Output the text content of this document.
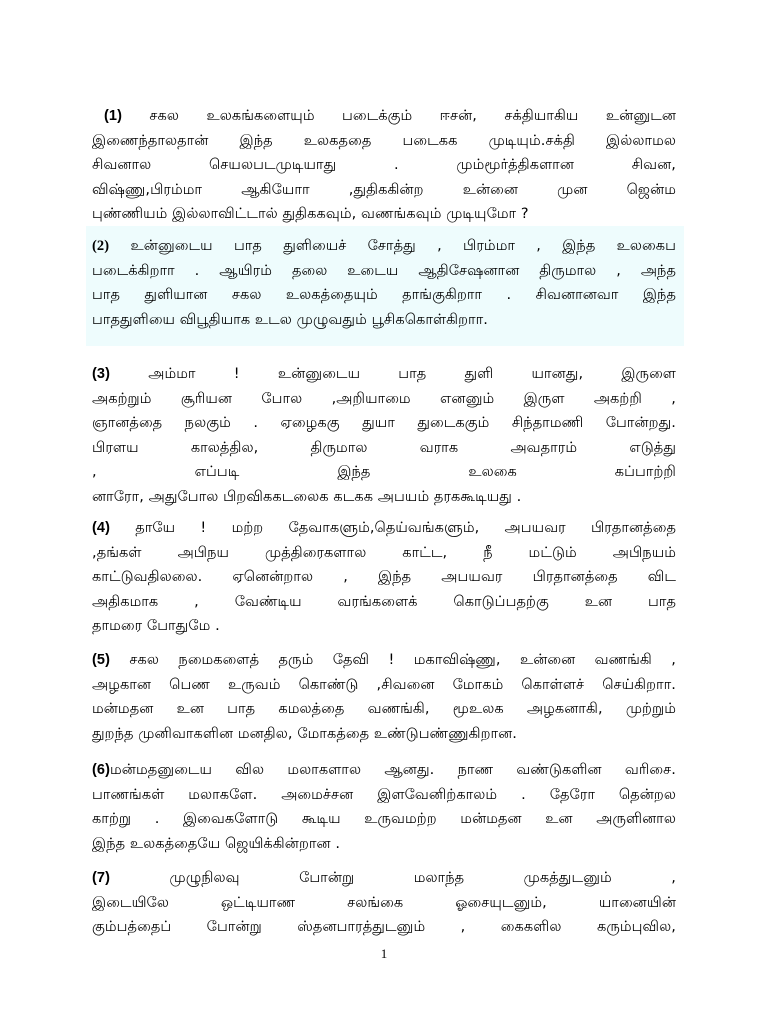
(1) சகல உலகங்களையும் படைக்கும் ஈசன், சக்தியாகிய உன்னுடன
இணைந்தாலதான் இந்த உலகததை படைகக முடியும்.சக்தி இல்லாமல
சிவனால செயலபடமுடியாது . மும்மூர்த்திகளான சிவன,
விஷ்ணு,பிரம்மா ஆகியோா ,துதிககின்ற உன்னை முன ஜென்ம
புண்ணியம் இல்லாவிட்டால் துதிககவும், வணங்கவும் முடியுமோ ?
(2) உன்னுடைய பாத துளியைச் சோத்து , பிரம்மா , இந்த உலகைப
படைக்கிறாா . ஆயிரம் தலை உடைய ஆதிசேஷனான திருமால , அந்த
பாத துளியான சகல உலகத்தையும் தாங்குகிறாா . சிவனானவா இந்த
பாததுளியை விபூதியாக உடல முழுவதும் பூசிககொள்கிறாா.
(3)	அம்மா ! உன்னுடைய பாத துளி யானது, இருளை
அகற்றும் சூரியன போல ,அறியாமை எனனும் இருள அகற்றி ,
ஞானத்தை நலகும் . ஏழைககு துயா துடைககும் சிந்தாமணி போன்றது.
பிரளய காலத்தில, திருமால வராக அவதாரம் எடுத்து
, எப்படி இந்த உலகை கப்பாற்றி
னாரோ, அதுபோல பிறவிககடலைக கடகக அபயம் தரககூடியது .
(4) தாயே ! மற்ற தேவாகளும்,தெய்வங்களும், அபயவர பிரதானத்தை
,தங்கள் அபிநய முத்திரைகளால காட்ட, நீ மட்டும் அபிநயம்
காட்டுவதிலலை. ஏனென்றால , இந்த அபயவர பிரதானத்தை விட
அதிகமாக , வேண்டிய வரங்களைக் கொடுப்பதற்கு உன பாத
தாமரை போதுமே .
(5) சகல நமைகளைத் தரும் தேவி ! மகாவிஷ்ணு, உன்னை வணங்கி ,
அழகான பெண உருவம் கொண்டு ,சிவனை மோகம் கொள்ளச் செய்கிறாா.
மன்மதன உன பாத கமலத்தை வணங்கி, மூஉலக அழகனாகி, முற்றும்
துறந்த முனிவாகளின மனதில, மோகத்தை உண்டுபண்ணுகிறான.
(6)மன்மதனுடைய வில மலாகளால ஆனது. நாண வண்டுகளின வரிசை.
பாணங்கள் மலாகளே. அமைச்சன இளவேனிற்காலம் . தேரோ தென்றல
காற்று . இவைகளோடு கூடிய உருவமற்ற மன்மதன உன அருளினால
இந்த உலகத்தையே ஜெயிக்கின்றான .
(7)	முழுநிலவு போன்று மலாந்த முகத்துடனும் ,
இடையிலே ஒட்டியாண சலங்கை ஓசையுடனும், யானையின்
கும்பத்தைப் போன்று ஸ்தனபாரத்துடனும் , கைகளில கரும்புவில,
1
